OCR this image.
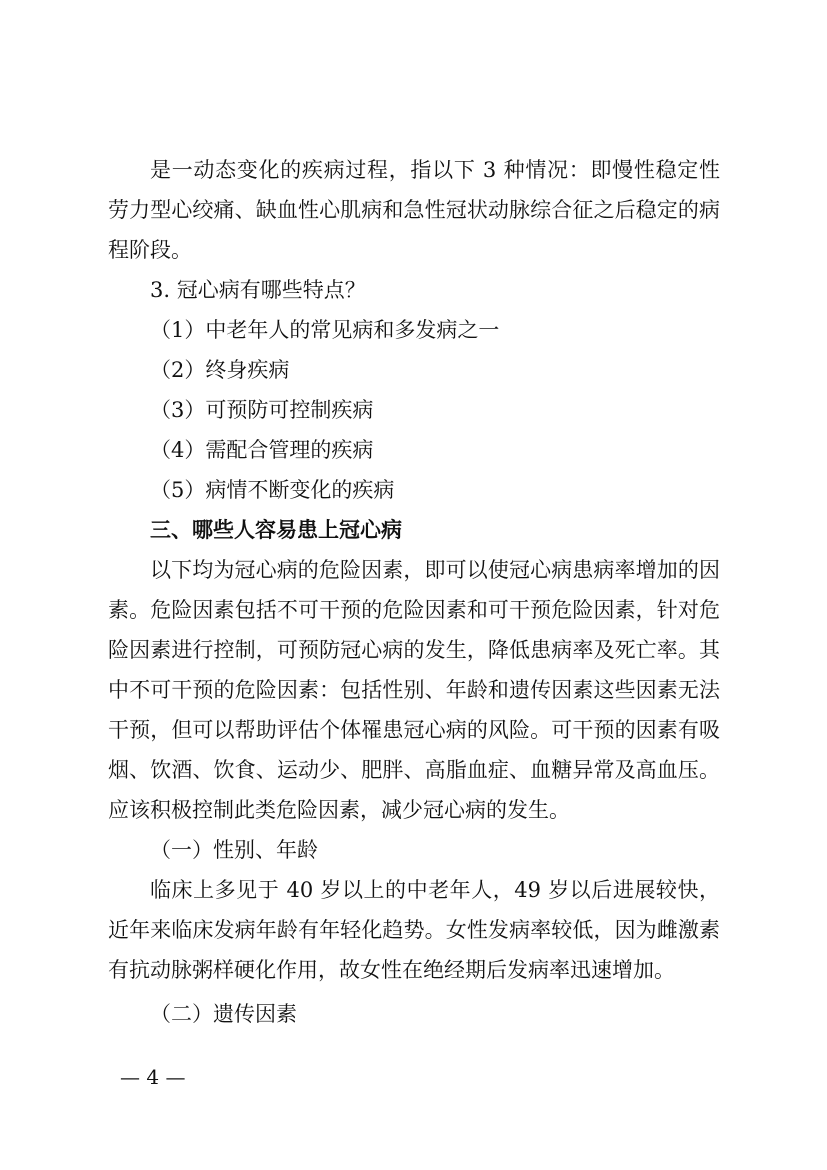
是一动态变化的疾病过程，指以下 3 种情况：即慢性稳定性劳力型心绞痛、缺血性心肌病和急性冠状动脉综合征之后稳定的病程阶段。

3. 冠心病有哪些特点？

（1）中老年人的常见病和多发病之一

（2）终身疾病

（3）可预防可控制疾病

（4）需配合管理的疾病

（5）病情不断变化的疾病

三、哪些人容易患上冠心病

以下均为冠心病的危险因素，即可以使冠心病患病率增加的因素。危险因素包括不可干预的危险因素和可干预危险因素，针对危险因素进行控制，可预防冠心病的发生，降低患病率及死亡率。其中不可干预的危险因素：包括性别、年龄和遗传因素这些因素无法干预，但可以帮助评估个体罹患冠心病的风险。可干预的因素有吸烟、饮酒、饮食、运动少、肥胖、高脂血症、血糖异常及高血压。应该积极控制此类危险因素，减少冠心病的发生。

（一）性别、年龄

临床上多见于 40 岁以上的中老年人，49 岁以后进展较快，近年来临床发病年龄有年轻化趋势。女性发病率较低，因为雌激素有抗动脉粥样硬化作用，故女性在绝经期后发病率迅速增加。

（二）遗传因素

— 4 —
